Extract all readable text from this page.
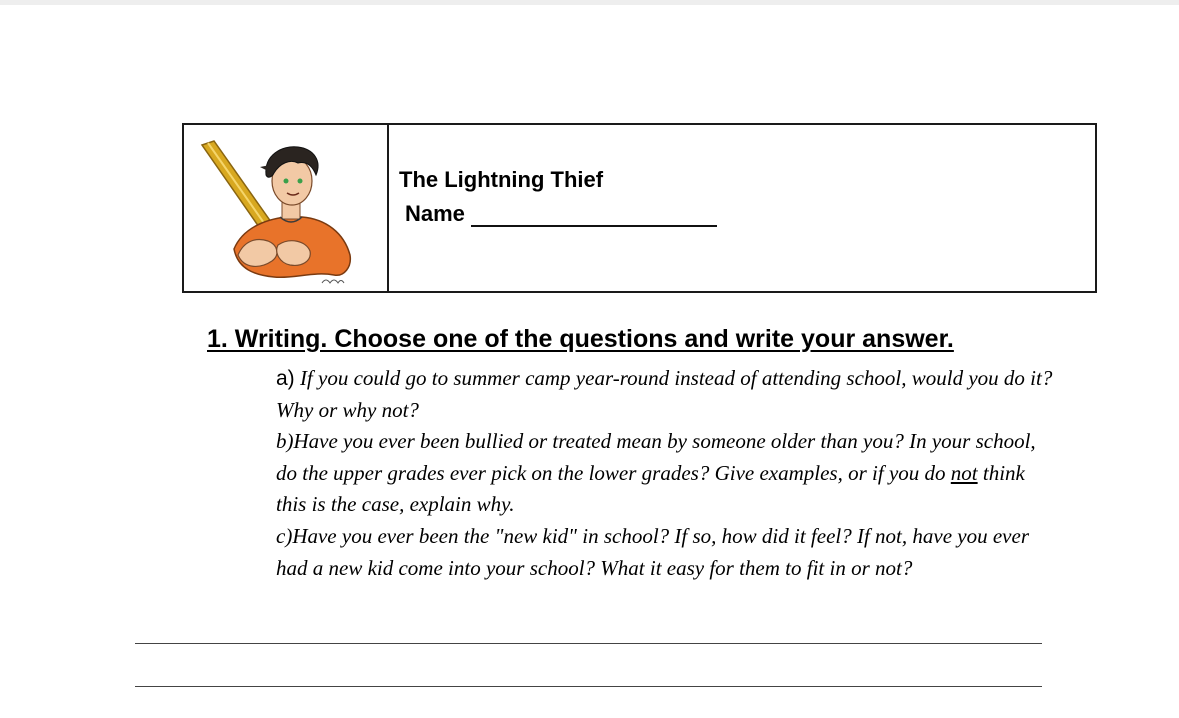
The Lightning Thief
Name
1. Writing. Choose one of the questions and write your answer.

a) If you could go to summer camp year-round instead of attending school, would you do it? Why or why not?

b)Have you ever been bullied or treated mean by someone older than you? In your school, do the upper grades ever pick on the lower grades? Give examples, or if you do not think this is the case, explain why.

c)Have you ever been the "new kid" in school? If so, how did it feel? If not, have you ever had a new kid come into your school? What it easy for them to fit in or not?
